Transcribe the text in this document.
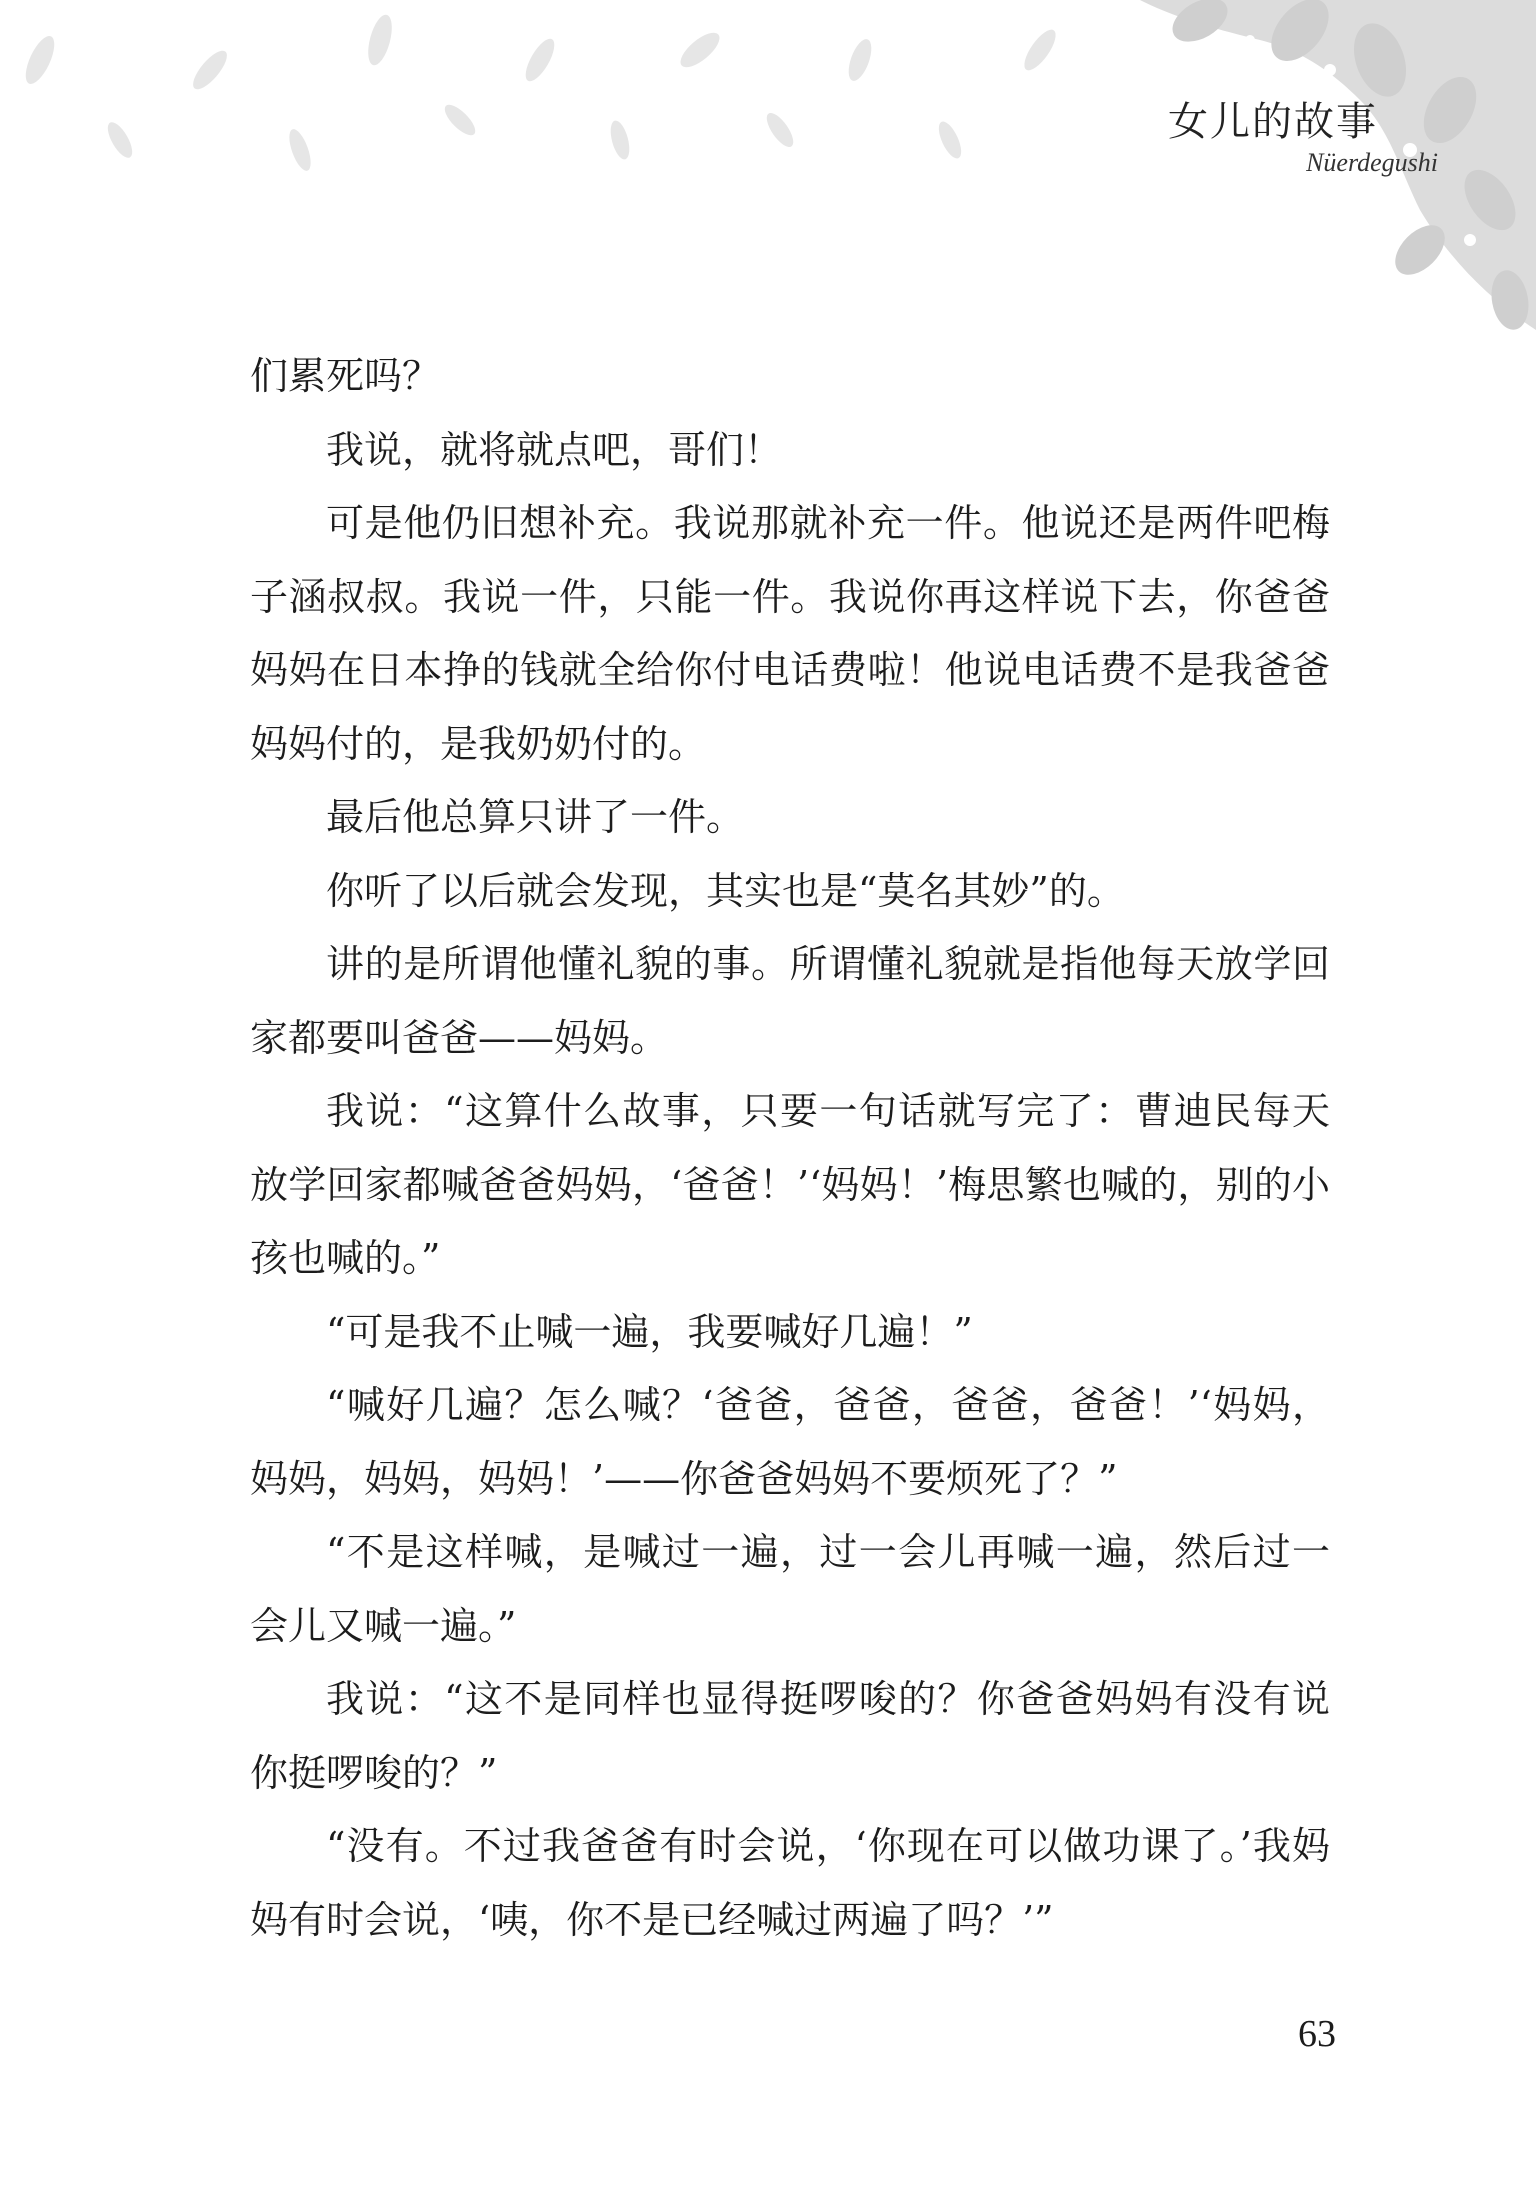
女儿的故事
Nüerdegushi

们累死吗？

我说，就将就点吧，哥们！

可是他仍旧想补充。我说那就补充一件。他说还是两件吧梅子涵叔叔。我说一件，只能一件。我说你再这样说下去，你爸爸妈妈在日本挣的钱就全给你付电话费啦！他说电话费不是我爸爸妈妈付的，是我奶奶付的。

最后他总算只讲了一件。

你听了以后就会发现，其实也是“莫名其妙”的。

讲的是所谓他懂礼貌的事。所谓懂礼貌就是指他每天放学回家都要叫爸爸——妈妈。

我说：“这算什么故事，只要一句话就写完了：曹迪民每天放学回家都喊爸爸妈妈，‘爸爸！’‘妈妈！’梅思繁也喊的，别的小孩也喊的。”

“可是我不止喊一遍，我要喊好几遍！”

“喊好几遍？怎么喊？‘爸爸，爸爸，爸爸，爸爸！’‘妈妈，妈妈，妈妈，妈妈！’——你爸爸妈妈不要烦死了？”

“不是这样喊，是喊过一遍，过一会儿再喊一遍，然后过一会儿又喊一遍。”

我说：“这不是同样也显得挺啰唆的？你爸爸妈妈有没有说你挺啰唆的？”

“没有。不过我爸爸有时会说，‘你现在可以做功课了。’我妈妈有时会说，‘咦，你不是已经喊过两遍了吗？’”

63
